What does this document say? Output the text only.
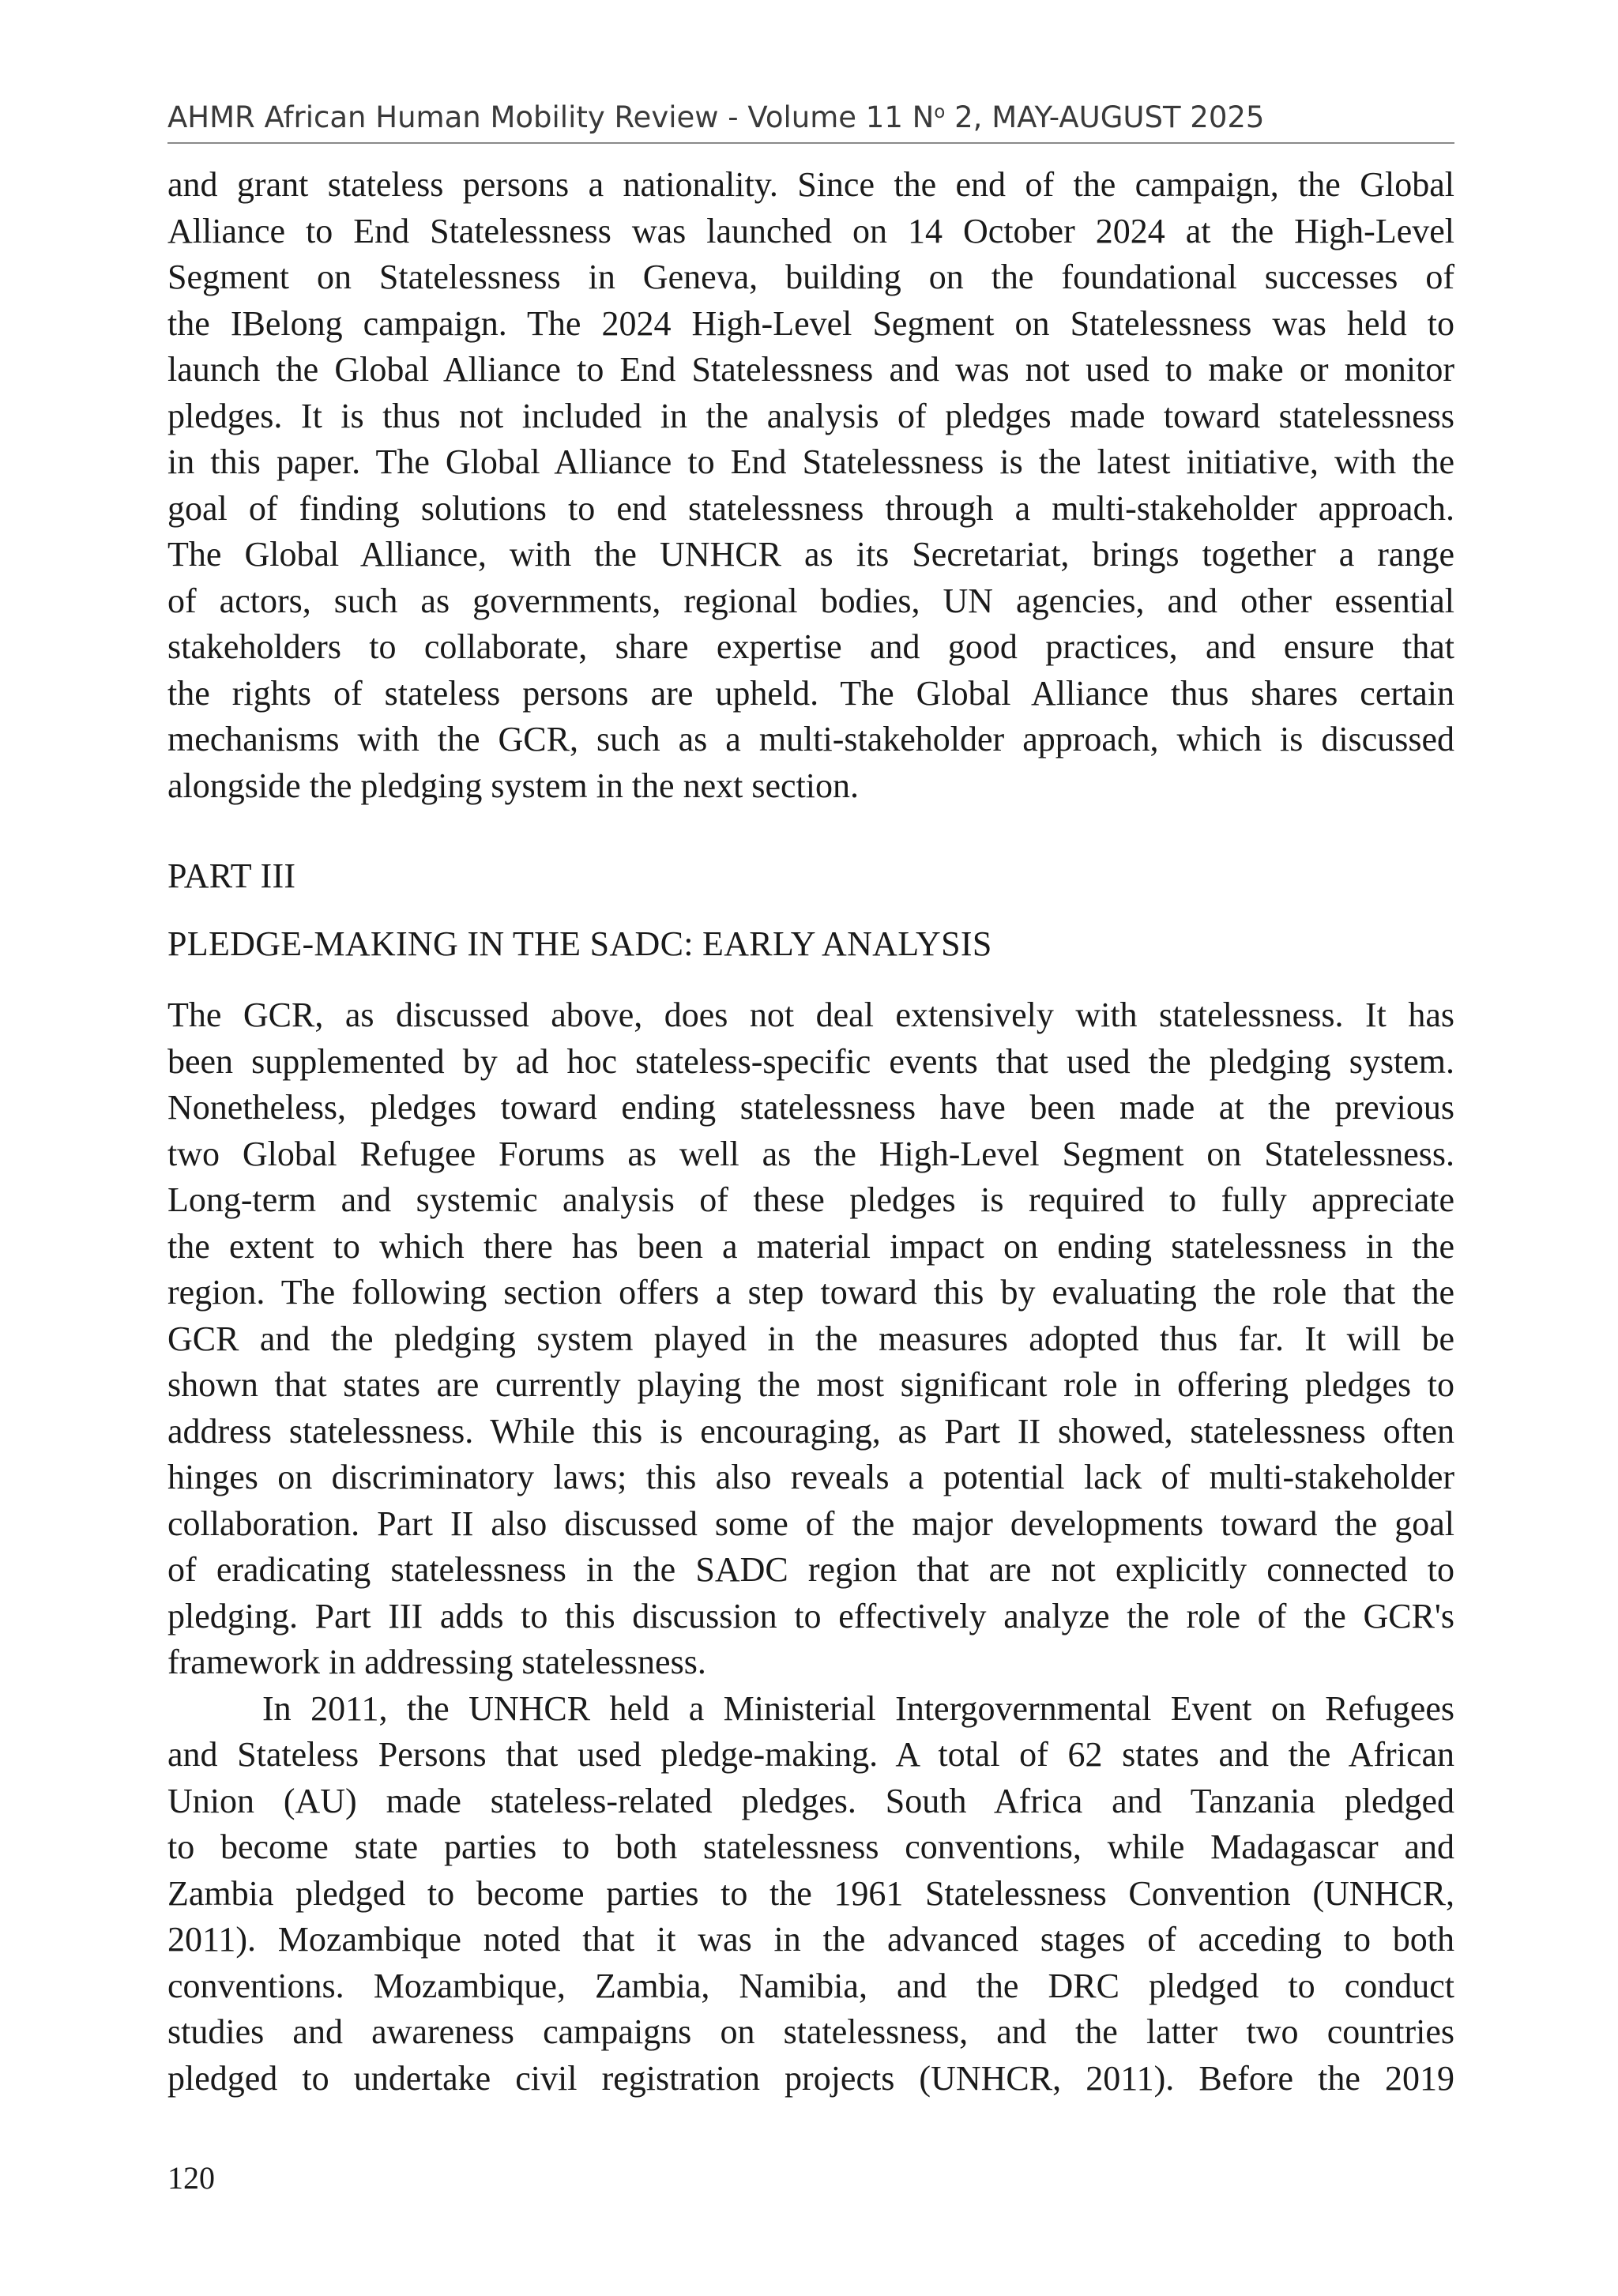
AHMR African Human Mobility Review - Volume 11 $N^o$ 2, MAY-AUGUST 2025
and grant stateless persons a nationality. Since the end of the campaign, the Global
Alliance to End Statelessness was launched on 14 October 2024 at the High-Level
Segment on Statelessness in Geneva, building on the foundational successes of
the IBelong campaign. The 2024 High-Level Segment on Statelessness was held to
launch the Global Alliance to End Statelessness and was not used to make or monitor
pledges. It is thus not included in the analysis of pledges made toward statelessness
in this paper. The Global Alliance to End Statelessness is the latest initiative, with the
goal of finding solutions to end statelessness through a multi-stakeholder approach.
The Global Alliance, with the UNHCR as its Secretariat, brings together a range
of actors, such as governments, regional bodies, UN agencies, and other essential
stakeholders to collaborate, share expertise and good practices, and ensure that
the rights of stateless persons are upheld. The Global Alliance thus shares certain
mechanisms with the GCR, such as a multi-stakeholder approach, which is discussed
alongside the pledging system in the next section.
PART III
PLEDGE-MAKING IN THE SADC: EARLY ANALYSIS
The GCR, as discussed above, does not deal extensively with statelessness. It has
been supplemented by ad hoc stateless-specific events that used the pledging system.
Nonetheless, pledges toward ending statelessness have been made at the previous
two Global Refugee Forums as well as the High-Level Segment on Statelessness.
Long-term and systemic analysis of these pledges is required to fully appreciate
the extent to which there has been a material impact on ending statelessness in the
region. The following section offers a step toward this by evaluating the role that the
GCR and the pledging system played in the measures adopted thus far. It will be
shown that states are currently playing the most significant role in offering pledges to
address statelessness. While this is encouraging, as Part II showed, statelessness often
hinges on discriminatory laws; this also reveals a potential lack of multi-stakeholder
collaboration. Part II also discussed some of the major developments toward the goal
of eradicating statelessness in the SADC region that are not explicitly connected to
pledging. Part III adds to this discussion to effectively analyze the role of the GCR's
framework in addressing statelessness.
In 2011, the UNHCR held a Ministerial Intergovernmental Event on Refugees
and Stateless Persons that used pledge-making. A total of 62 states and the African
Union (AU) made stateless-related pledges. South Africa and Tanzania pledged
to become state parties to both statelessness conventions, while Madagascar and
Zambia pledged to become parties to the 1961 Statelessness Convention (UNHCR,
2011). Mozambique noted that it was in the advanced stages of acceding to both
conventions. Mozambique, Zambia, Namibia, and the DRC pledged to conduct
studies and awareness campaigns on statelessness, and the latter two countries
pledged to undertake civil registration projects (UNHCR, 2011). Before the 2019
120
